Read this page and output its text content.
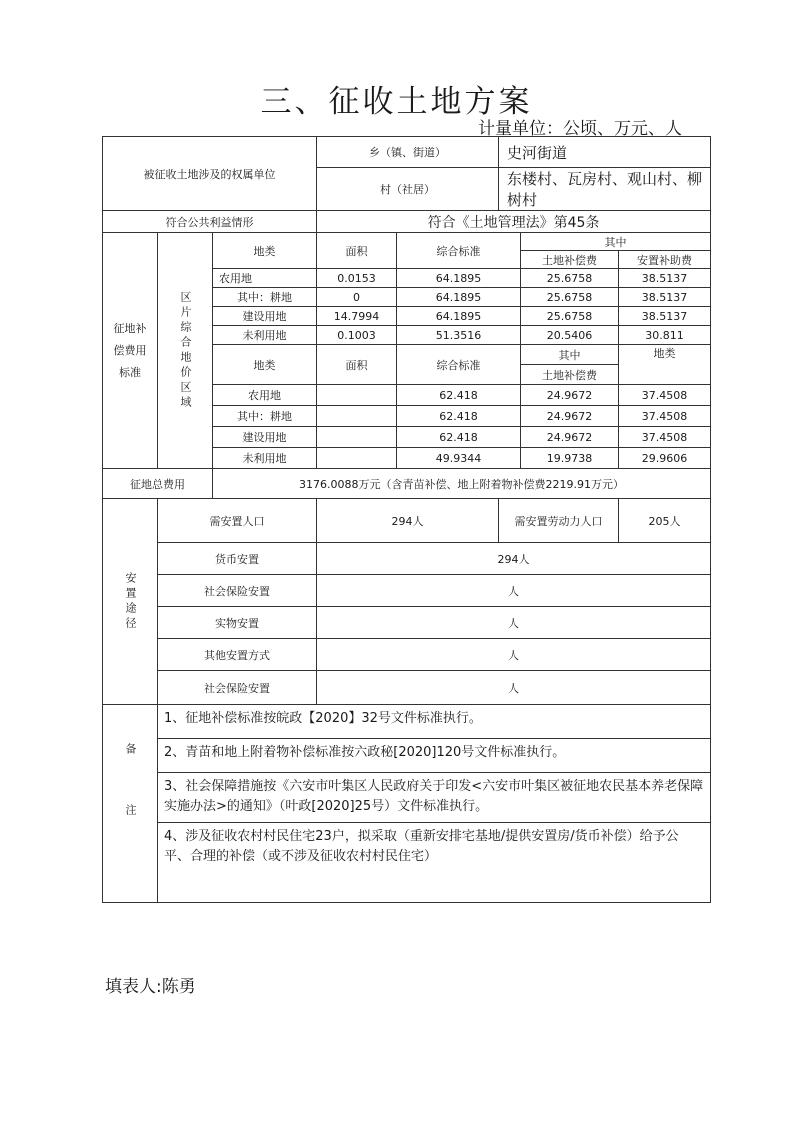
三、征收土地方案
计量单位：公顷、万元、人
被征收土地涉及的权属单位			乡（镇、街道）		史河街道		
			村（社居）		东楼村、瓦房村、观山村、柳树村		
符合公共利益情形			符合《土地管理法》第45条				

征地补偿费用标准	区片综合地价区域	地类	面积	综合标准		其中	
						土地补偿费	安置补助费
		农用地	0.0153	64.1895		25.6758	38.5137
		其中：耕地	0	64.1895		25.6758	38.5137
		建设用地	14.7994	64.1895		25.6758	38.5137
		未利用地	0.1003	51.3516		20.5406	30.811
		地类	面积	综合标准		其中	地类
						土地补偿费	
		农用地		62.418		24.9672	37.4508
		其中：耕地		62.418		24.9672	37.4508
		建设用地		62.418		24.9672	37.4508
		未利用地		49.9344		19.9738	29.9606
征地总费用		3176.0088万元（含青苗补偿、地上附着物补偿费2219.91万元）					

安置途径	需安置人口		294人		需安置劳动力人口		205人
	货币安置		294人				
	社会保险安置		人				
	实物安置		人				
	其他安置方式		人				
	社会保险安置		人				

备注	1、征地补偿标准按皖政【2020】32号文件标准执行。						
	2、青苗和地上附着物补偿标准按六政秘[2020]120号文件标准执行。						
	3、社会保障措施按《六安市叶集区人民政府关于印发<六安市叶集区被征地农民基本养老保障实施办法>的通知》（叶政[2020]25号）文件标准执行。						
	4、涉及征收农村村民住宅23户，拟采取（重新安排宅基地/提供安置房/货币补偿）给予公平、合理的补偿（或不涉及征收农村村民住宅）						
填表人:陈勇
